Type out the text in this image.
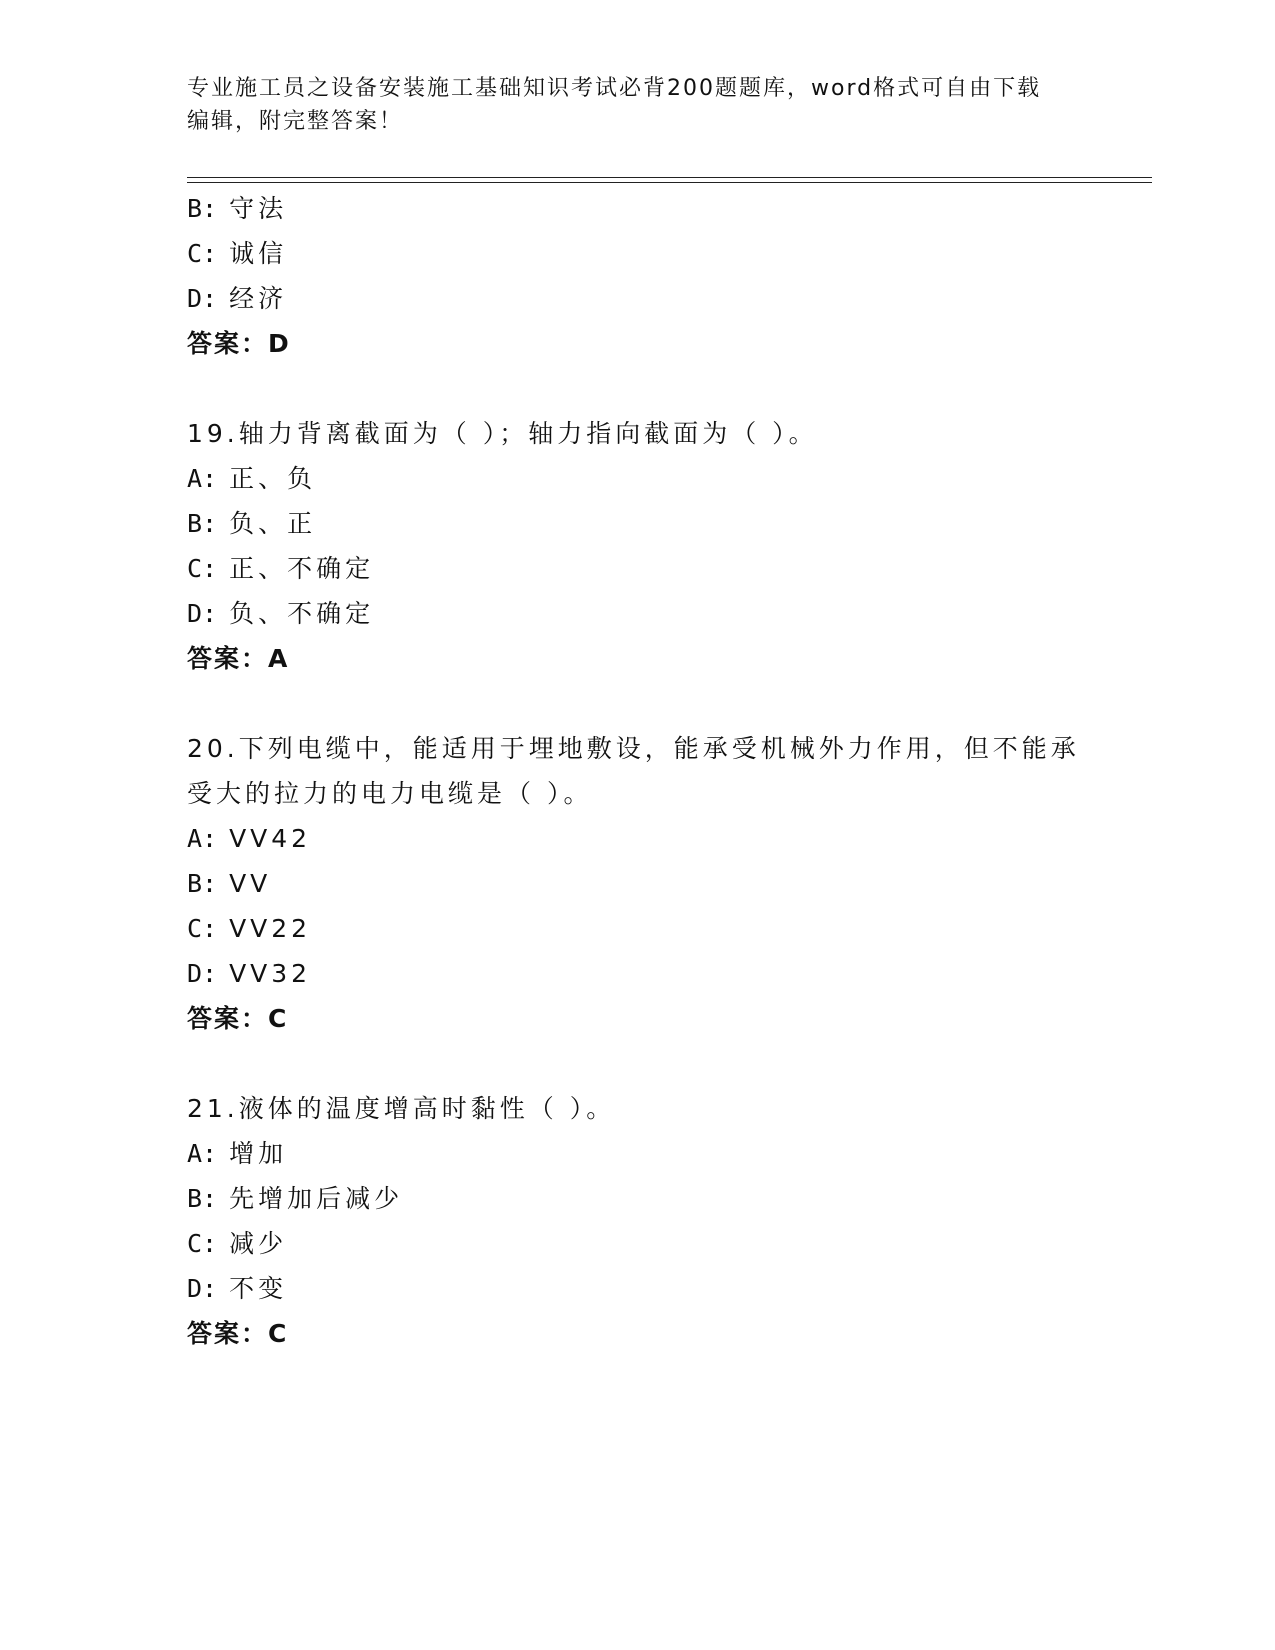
专业施工员之设备安装施工基础知识考试必背200题题库，word格式可自由下载
编辑，附完整答案！
B: 守法
C: 诚信
D: 经济
答案：D
19.轴力背离截面为（ ）；轴力指向截面为（ ）。
A: 正、负
B: 负、正
C: 正、不确定
D: 负、不确定
答案：A
20.下列电缆中，能适用于埋地敷设，能承受机械外力作用，但不能承
受大的拉力的电力电缆是（ ）。
A: VV42
B: VV
C: VV22
D: VV32
答案：C
21.液体的温度增高时黏性（ ）。
A: 增加
B: 先增加后减少
C: 减少
D: 不变
答案：C
